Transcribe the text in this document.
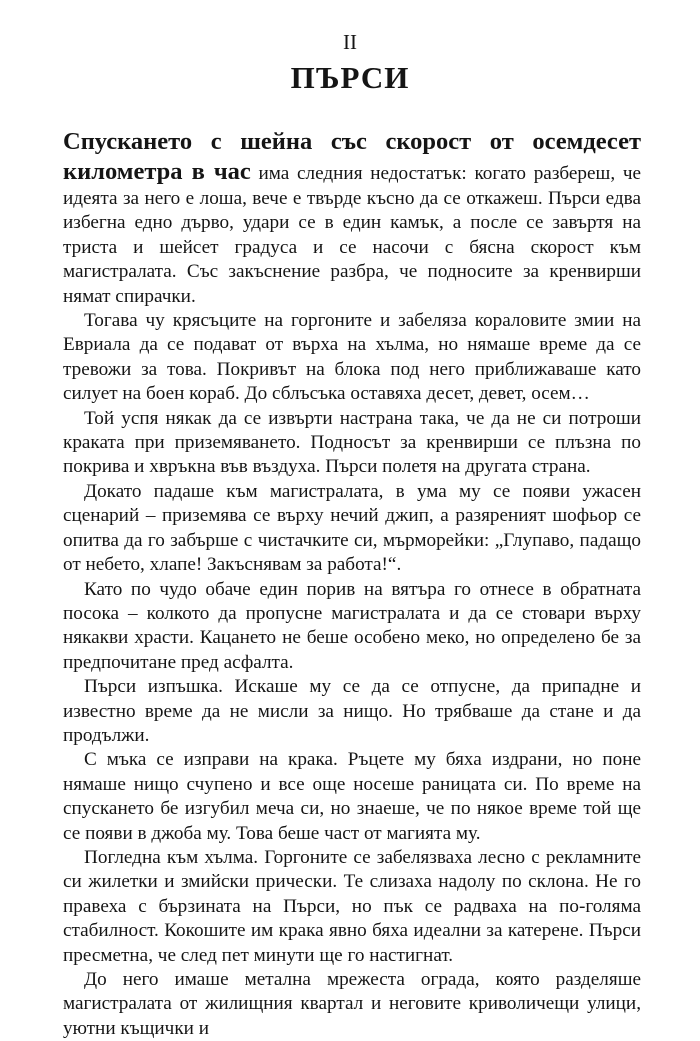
II
ПЪРСИ

Спускането с шейна със скорост от осемдесет километра в час има следния недостатък: когато разбереш, че идеята за него е лоша, вече е твърде късно да се откажеш. Пърси едва избегна едно дърво, удари се в един камък, а после се завъртя на триста и шейсет градуса и се насочи с бясна скорост към магистралата. Със закъснение разбра, че подносите за кренвирши нямат спирачки.

Тогава чу крясъците на горгоните и забеляза кораловите змии на Евриала да се подават от върха на хълма, но нямаше време да се тревожи за това. Покривът на блока под него приближаваше като силует на боен кораб. До сблъсъка оставяха десет, девет, осем…

Той успя някак да се извърти настрана така, че да не си потроши краката при приземяването. Подносът за кренвирши се плъзна по покрива и хвръкна във въздуха. Пърси полетя на другата страна.

Докато падаше към магистралата, в ума му се появи ужасен сценарий – приземява се върху нечий джип, а разяреният шофьор се опитва да го забърше с чистачките си, мърморейки: „Глупаво, падащо от небето, хлапе! Закъснявам за работа!“.

Като по чудо обаче един порив на вятъра го отнесе в обратната посока – колкото да пропусне магистралата и да се стовари върху някакви храсти. Кацането не беше особено меко, но определено бе за предпочитане пред асфалта.

Пърси изпъшка. Искаше му се да се отпусне, да припадне и известно време да не мисли за нищо. Но трябваше да стане и да продължи.

С мъка се изправи на крака. Ръцете му бяха издрани, но поне нямаше нищо счупено и все още носеше раницата си. По време на спускането бе изгубил меча си, но знаеше, че по някое време той ще се появи в джоба му. Това беше част от магията му.

Погледна към хълма. Горгоните се забелязваха лесно с рекламните си жилетки и змийски прически. Те слизаха надолу по склона. Не го правеха с бързината на Пърси, но пък се радваха на по-голяма стабилност. Кокошите им крака явно бяха идеални за катерене. Пърси пресметна, че след пет минути ще го настигнат.

До него имаше метална мрежеста ограда, която разделяше магистралата от жилищния квартал и неговите криволичещи улици, уютни къщички и
